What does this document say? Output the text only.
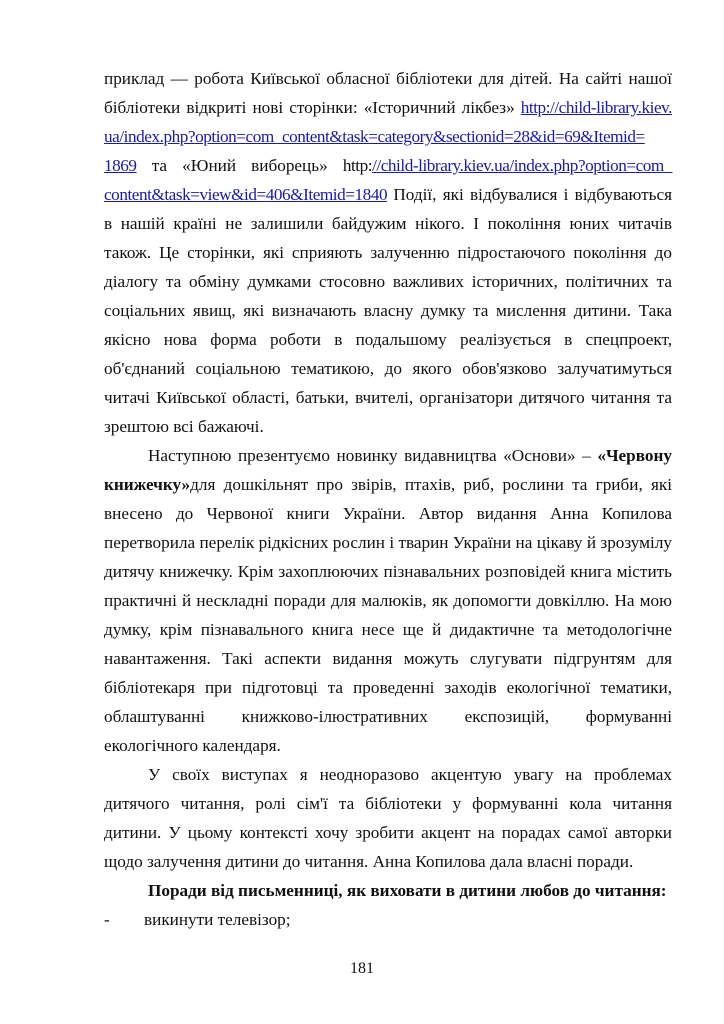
приклад — робота Київської обласної бібліотеки для дітей. На сайті нашої бібліотеки відкриті нові сторінки: «Історичний лікбез» http://child-library.kiev.ua/index.php?option=com_content&task=category&sectionid=28&id=69&Itemid=1869 та «Юний виборець» http://child-library.kiev.ua/index.php?option=com_content&task=view&id=406&Itemid=1840 Події, які відбувалися і відбуваються в нашій країні не залишили байдужим нікого. І покоління юних читачів також. Це сторінки, які сприяють залученню підростаючого покоління до діалогу та обміну думками стосовно важливих історичних, політичних та соціальних явищ, які визначають власну думку та мислення дитини. Така якісно нова форма роботи в подальшому реалізується в спецпроект, об'єднаний соціальною тематикою, до якого обов'язково залучатимуться читачі Київської області, батьки, вчителі, організатори дитячого читання та зрештою всі бажаючі.

Наступною презентуємо новинку видавництва «Основи» – «Червону книжечку»для дошкільнят про звірів, птахів, риб, рослини та гриби, які внесено до Червоної книги України. Автор видання Анна Копилова перетворила перелік рідкісних рослин і тварин України на цікаву й зрозумілу дитячу книжечку. Крім захоплюючих пізнавальних розповідей книга містить практичні й нескладні поради для малюків, як допомогти довкіллю. На мою думку, крім пізнавального книга несе ще й дидактичне та методологічне навантаження. Такі аспекти видання можуть слугувати підгрунтям для бібліотекаря при підготовці та проведенні заходів екологічної тематики, облаштуванні книжково-ілюстративних експозицій, формуванні екологічного календаря.

У своїх виступах я неодноразово акцентую увагу на проблемах дитячого читання, ролі сім'ї та бібліотеки у формуванні кола читання дитини. У цьому контексті хочу зробити акцент на порадах самої авторки щодо залучення дитини до читання. Анна Копилова дала власні поради.

Поради від письменниці, як виховати в дитини любов до читання:

- викинути телевізор;

181
